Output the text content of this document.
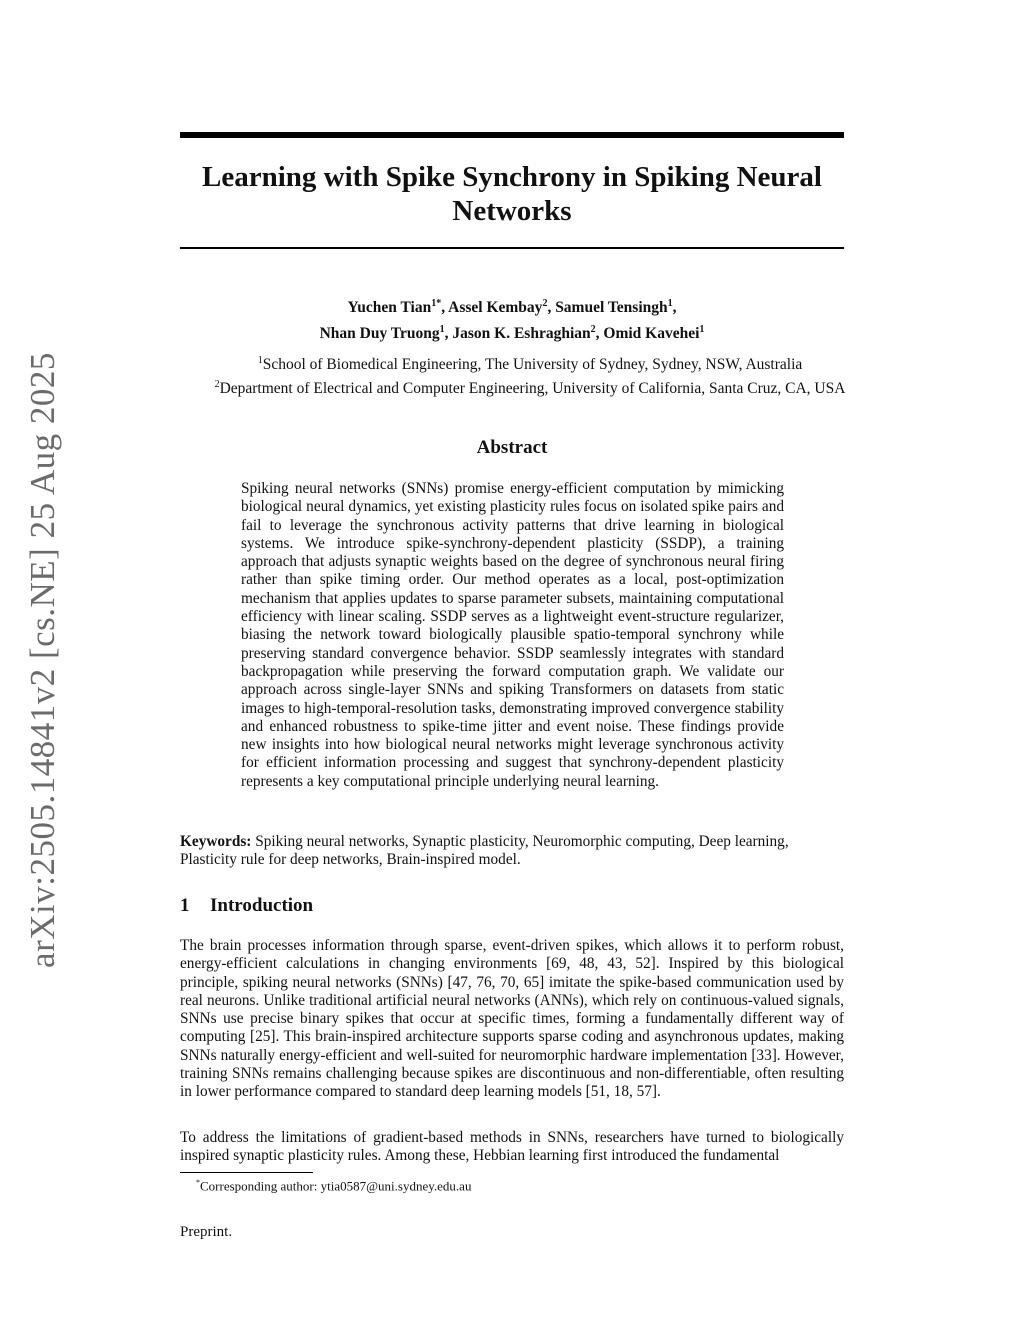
arXiv:2505.14841v2 [cs.NE] 25 Aug 2025
Learning with Spike Synchrony in Spiking Neural Networks
Yuchen Tian$^{1*}$, Assel Kembay$^2$, Samuel Tensingh$^1$,
Nhan Duy Truong$^1$, Jason K. Eshraghian$^2$, Omid Kavehei$^1$
$^1$School of Biomedical Engineering, The University of Sydney, Sydney, NSW, Australia
$^2$Department of Electrical and Computer Engineering, University of California, Santa Cruz, CA, USA
Abstract

Spiking neural networks (SNNs) promise energy-efficient computation by mimicking biological neural dynamics, yet existing plasticity rules focus on isolated spike pairs and fail to leverage the synchronous activity patterns that drive learning in biological systems. We introduce spike-synchrony-dependent plasticity (SSDP), a training approach that adjusts synaptic weights based on the degree of synchronous neural firing rather than spike timing order. Our method operates as a local, post-optimization mechanism that applies updates to sparse parameter subsets, maintaining computational efficiency with linear scaling. SSDP serves as a lightweight event-structure regularizer, biasing the network toward biologically plausible spatio-temporal synchrony while preserving standard convergence behavior. SSDP seamlessly integrates with standard backpropagation while preserving the forward computation graph. We validate our approach across single-layer SNNs and spiking Transformers on datasets from static images to high-temporal-resolution tasks, demonstrating improved convergence stability and enhanced robustness to spike-time jitter and event noise. These findings provide new insights into how biological neural networks might leverage synchronous activity for efficient information processing and suggest that synchrony-dependent plasticity represents a key computational principle underlying neural learning.

Keywords: Spiking neural networks, Synaptic plasticity, Neuromorphic computing, Deep learning, Plasticity rule for deep networks, Brain-inspired model.

1 Introduction

The brain processes information through sparse, event-driven spikes, which allows it to perform robust, energy-efficient calculations in changing environments [69, 48, 43, 52]. Inspired by this biological principle, spiking neural networks (SNNs) [47, 76, 70, 65] imitate the spike-based communication used by real neurons. Unlike traditional artificial neural networks (ANNs), which rely on continuous-valued signals, SNNs use precise binary spikes that occur at specific times, forming a fundamentally different way of computing [25]. This brain-inspired architecture supports sparse coding and asynchronous updates, making SNNs naturally energy-efficient and well-suited for neuromorphic hardware implementation [33]. However, training SNNs remains challenging because spikes are discontinuous and non-differentiable, often resulting in lower performance compared to standard deep learning models [51, 18, 57].

To address the limitations of gradient-based methods in SNNs, researchers have turned to biologically inspired synaptic plasticity rules. Among these, Hebbian learning first introduced the fundamental

*Corresponding author: ytia0587@uni.sydney.edu.au
Preprint.
